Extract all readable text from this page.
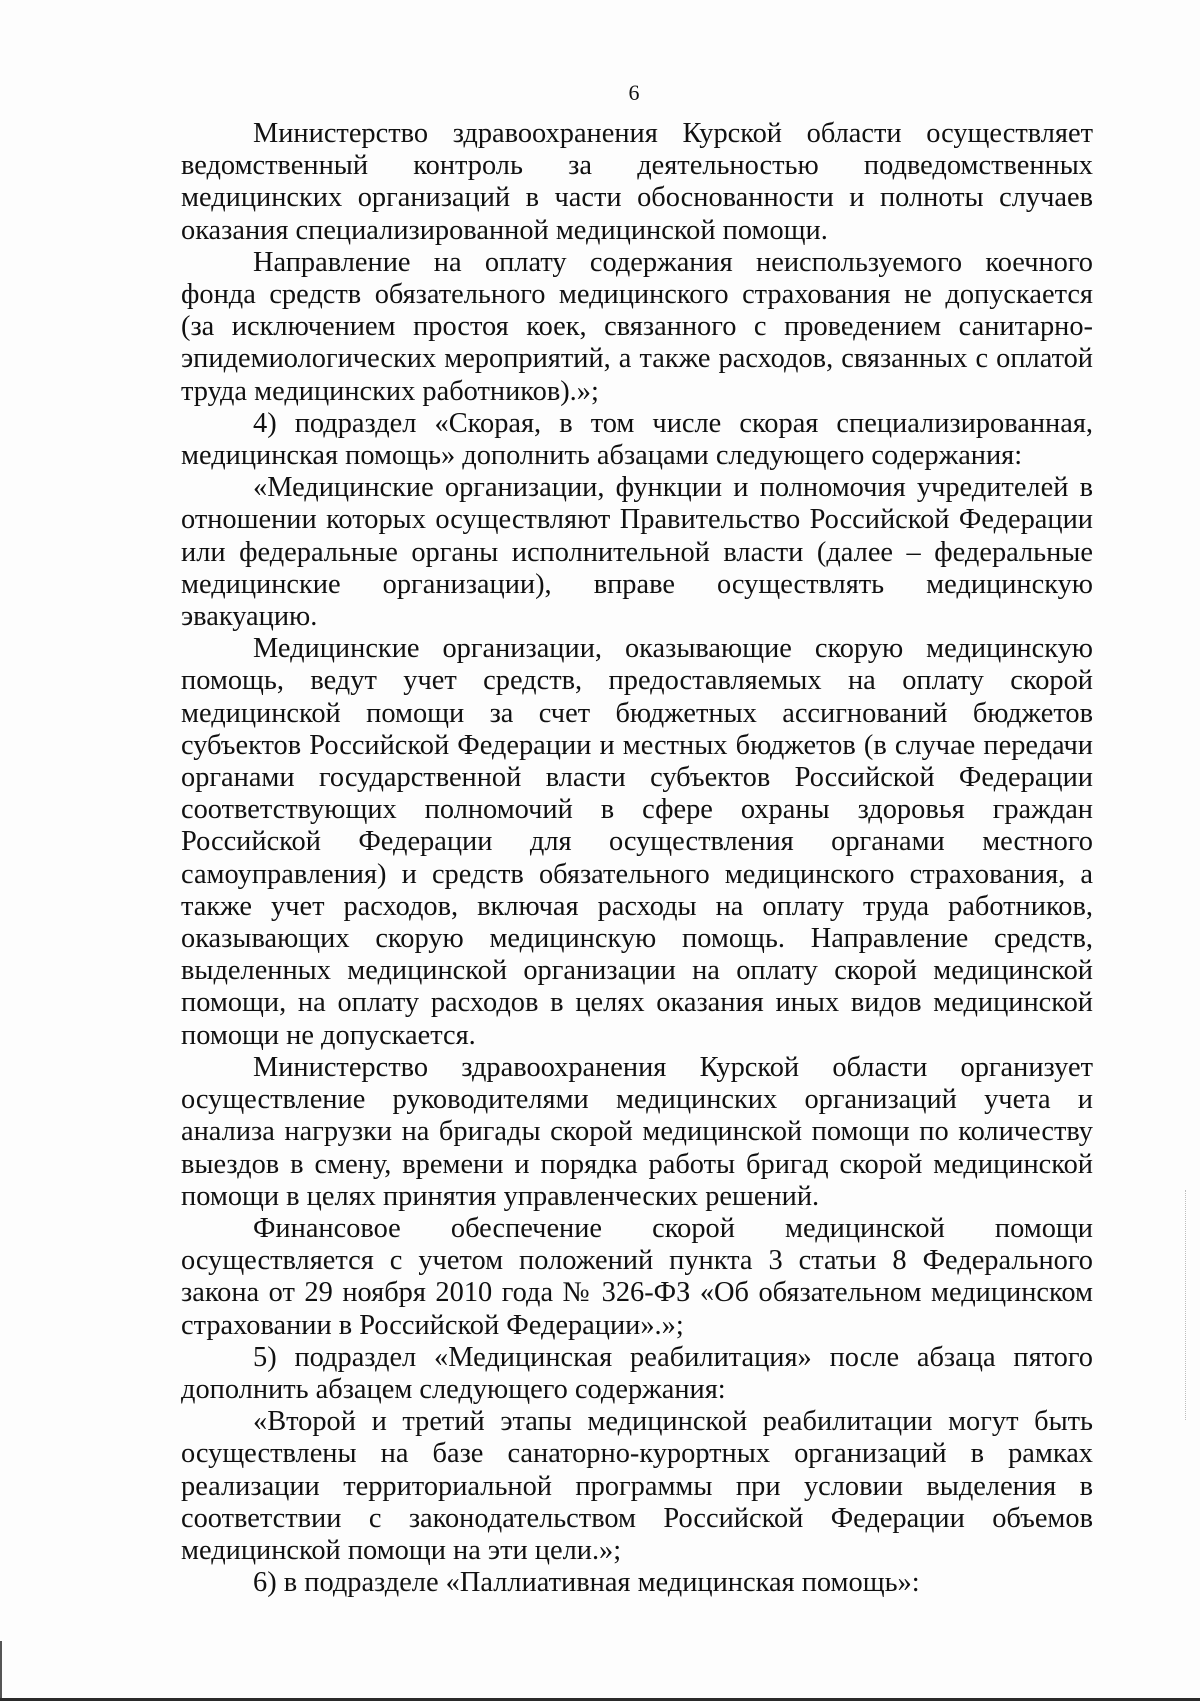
6

Министерство здравоохранения Курской области осуществляет ведомственный контроль за деятельностью подведомственных медицинских организаций в части обоснованности и полноты случаев оказания специализированной медицинской помощи.

Направление на оплату содержания неиспользуемого коечного фонда средств обязательного медицинского страхования не допускается (за исключением простоя коек, связанного с проведением санитарно-эпидемиологических мероприятий, а также расходов, связанных с оплатой труда медицинских работников).»;

4) подраздел «Скорая, в том числе скорая специализированная, медицинская помощь» дополнить абзацами следующего содержания:

«Медицинские организации, функции и полномочия учредителей в отношении которых осуществляют Правительство Российской Федерации или федеральные органы исполнительной власти (далее – федеральные медицинские организации), вправе осуществлять медицинскую эвакуацию.

Медицинские организации, оказывающие скорую медицинскую помощь, ведут учет средств, предоставляемых на оплату скорой медицинской помощи за счет бюджетных ассигнований бюджетов субъектов Российской Федерации и местных бюджетов (в случае передачи органами государственной власти субъектов Российской Федерации соответствующих полномочий в сфере охраны здоровья граждан Российской Федерации для осуществления органами местного самоуправления) и средств обязательного медицинского страхования, а также учет расходов, включая расходы на оплату труда работников, оказывающих скорую медицинскую помощь. Направление средств, выделенных медицинской организации на оплату скорой медицинской помощи, на оплату расходов в целях оказания иных видов медицинской помощи не допускается.

Министерство здравоохранения Курской области организует осуществление руководителями медицинских организаций учета и анализа нагрузки на бригады скорой медицинской помощи по количеству выездов в смену, времени и порядка работы бригад скорой медицинской помощи в целях принятия управленческих решений.

Финансовое обеспечение скорой медицинской помощи осуществляется с учетом положений пункта 3 статьи 8 Федерального закона от 29 ноября 2010 года № 326-ФЗ «Об обязательном медицинском страховании в Российской Федерации».»;

5) подраздел «Медицинская реабилитация» после абзаца пятого дополнить абзацем следующего содержания:

«Второй и третий этапы медицинской реабилитации могут быть осуществлены на базе санаторно-курортных организаций в рамках реализации территориальной программы при условии выделения в соответствии с законодательством Российской Федерации объемов медицинской помощи на эти цели.»;

6) в подразделе «Паллиативная медицинская помощь»:
